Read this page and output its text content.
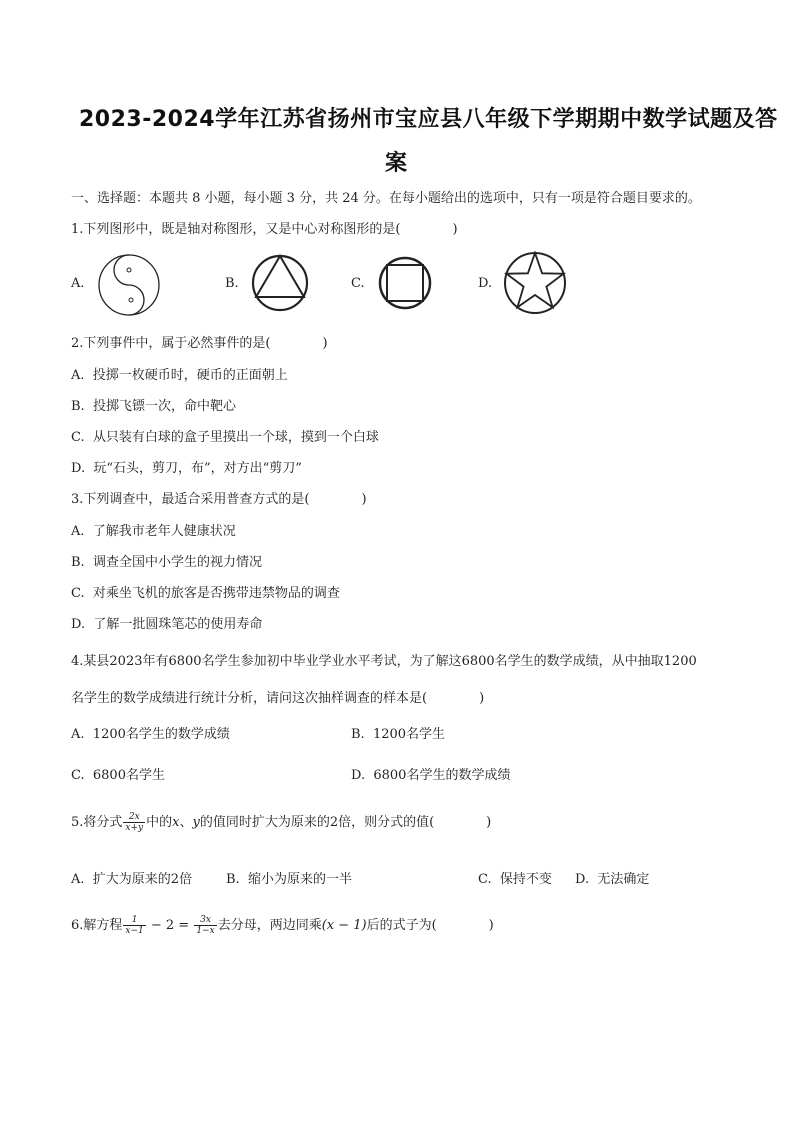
2023-2024学年江苏省扬州市宝应县八年级下学期期中数学试题及答
案
一、选择题：本题共 8 小题，每小题 3 分，共 24 分。在每小题给出的选项中，只有一项是符合题目要求的。
1.下列图形中，既是轴对称图形，又是中心对称图形的是(　　　　)
A.	B.	C.	D.
2.下列事件中，属于必然事件的是(　　　　)
A. 投掷一枚硬币时，硬币的正面朝上
B. 投掷飞镖一次，命中靶心
C. 从只装有白球的盒子里摸出一个球，摸到一个白球
D. 玩“石头，剪刀，布”，对方出“剪刀”
3.下列调查中，最适合采用普查方式的是(　　　　)
A. 了解我市老年人健康状况
B. 调查全国中小学生的视力情况
C. 对乘坐飞机的旅客是否携带违禁物品的调查
D. 了解一批圆珠笔芯的使用寿命
4.某县2023年有6800名学生参加初中毕业学业水平考试，为了解这6800名学生的数学成绩，从中抽取1200
名学生的数学成绩进行统计分析，请问这次抽样调查的样本是(　　　　)
A. 1200名学生的数学成绩	B. 1200名学生
C. 6800名学生	D. 6800名学生的数学成绩
5.将分式 $\frac{2x}{x+y}$ 中的x、y的值同时扩大为原来的2倍，则分式的值(　　　　)
A. 扩大为原来的2倍	B. 缩小为原来的一半	C. 保持不变 D. 无法确定
6.解方程 $\frac{1}{x-1} - 2 = \frac{3x}{1-x}$ 去分母，两边同乘(x − 1)后的式子为(　　　　)
